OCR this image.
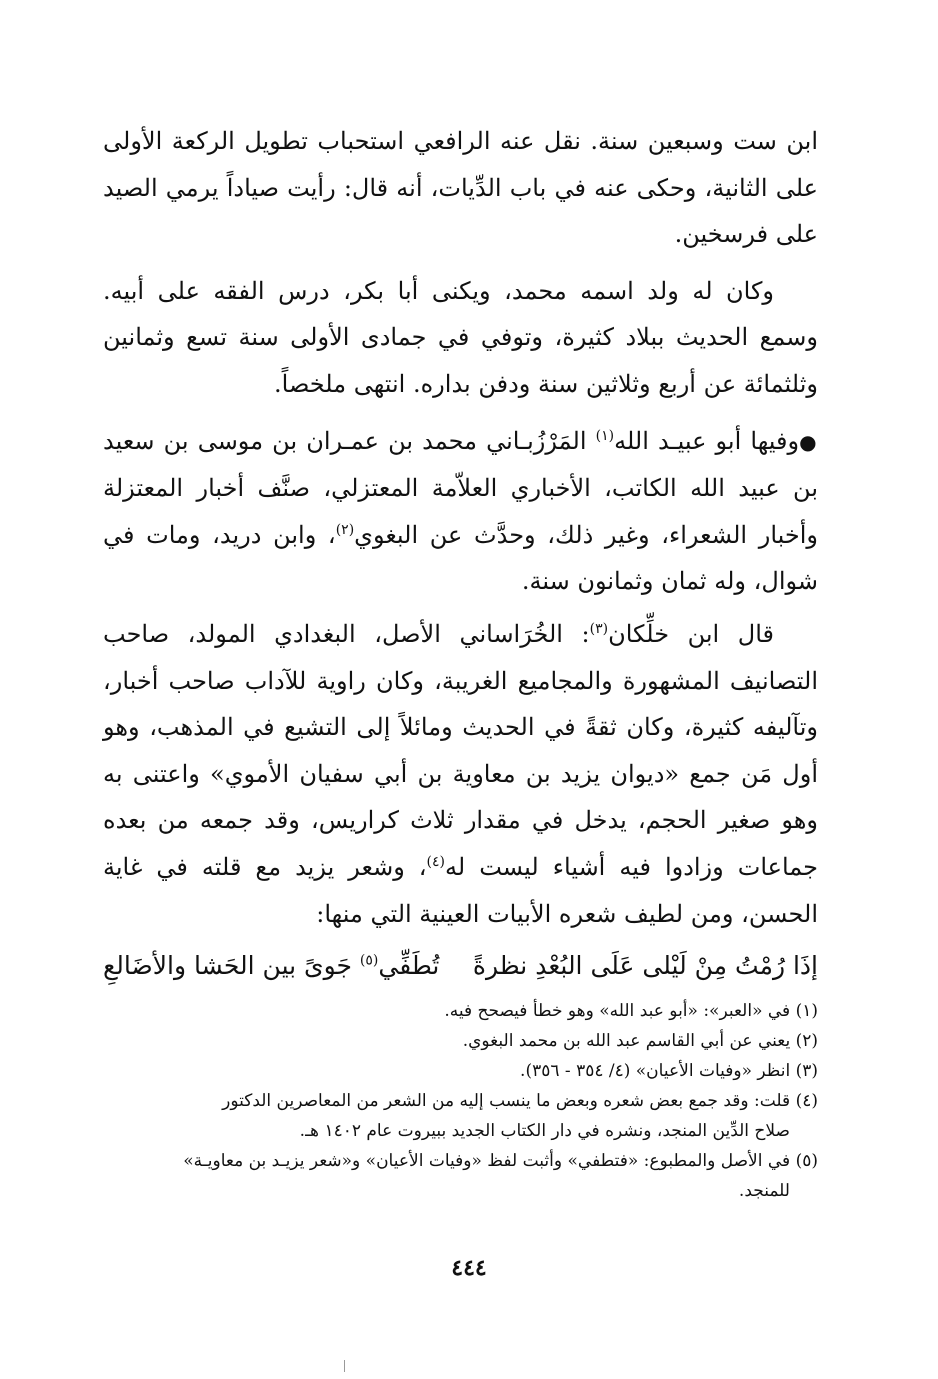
ابن ست وسبعين سنة. نقل عنه الرافعي استحباب تطويل الركعة الأولى على الثانية، وحكى عنه في باب الدِّيات، أنه قال: رأيت صياداً يرمي الصيد على فرسخين.

وكان له ولد اسمه محمد، ويكنى أبا بكر، درس الفقه على أبيه. وسمع الحديث ببلاد كثيرة، وتوفي في جمادى الأولى سنة تسع وثمانين وثلثمائة عن أربع وثلاثين سنة ودفن بداره. انتهى ملخصاً.

●وفيها أبو عبيـد الله$^{(١)}$ المَرْزُبـاني محمد بن عمـران بن موسى بن سعيد بن عبيد الله الكاتب، الأخباري العلاّمة المعتزلي، صنَّف أخبار المعتزلة وأخبار الشعراء، وغير ذلك، وحدَّث عن البغوي$^{(٢)}$، وابن دريد، ومات في شوال، وله ثمان وثمانون سنة.

قال ابن خلِّكان$^{(٣)}$: الخُرَاساني الأصل، البغدادي المولد، صاحب التصانيف المشهورة والمجاميع الغريبة، وكان راوية للآداب صاحب أخبار، وتآليفه كثيرة، وكان ثقةً في الحديث ومائلاً إلى التشيع في المذهب، وهو أول مَن جمع «ديوان يزيد بن معاوية بن أبي سفيان الأموي» واعتنى به وهو صغير الحجم، يدخل في مقدار ثلاث كراريس، وقد جمعه من بعده جماعات وزادوا فيه أشياء ليست له$^{(٤)}$، وشعر يزيد مع قلته في غاية الحسن، ومن لطيف شعره الأبيات العينية التي منها:

إذَا رُمْتُ مِنْ لَيْلى عَلَى البُعْدِ نظرةً
تُطَفِّي$^{(٥)}$ جَوىً بين الحَشا والأضَالعِ

(١) في «العبر»: «أبو عبد الله» وهو خطأ فيصحح فيه.

(٢) يعني عن أبي القاسم عبد الله بن محمد البغوي.

(٣) انظر «وفيات الأعيان» (٤/ ٣٥٤ - ٣٥٦).

(٤) قلت: وقد جمع بعض شعره وبعض ما ينسب إليه من الشعر من المعاصرين الدكتور

صلاح الدِّين المنجد، ونشره في دار الكتاب الجديد ببيروت عام ١٤٠٢ هـ.

(٥) في الأصل والمطبوع: «فتطفي» وأثبت لفظ «وفيات الأعيان» و«شعر يزيـد بن معاويـة»

للمنجد.

٤٤٤
